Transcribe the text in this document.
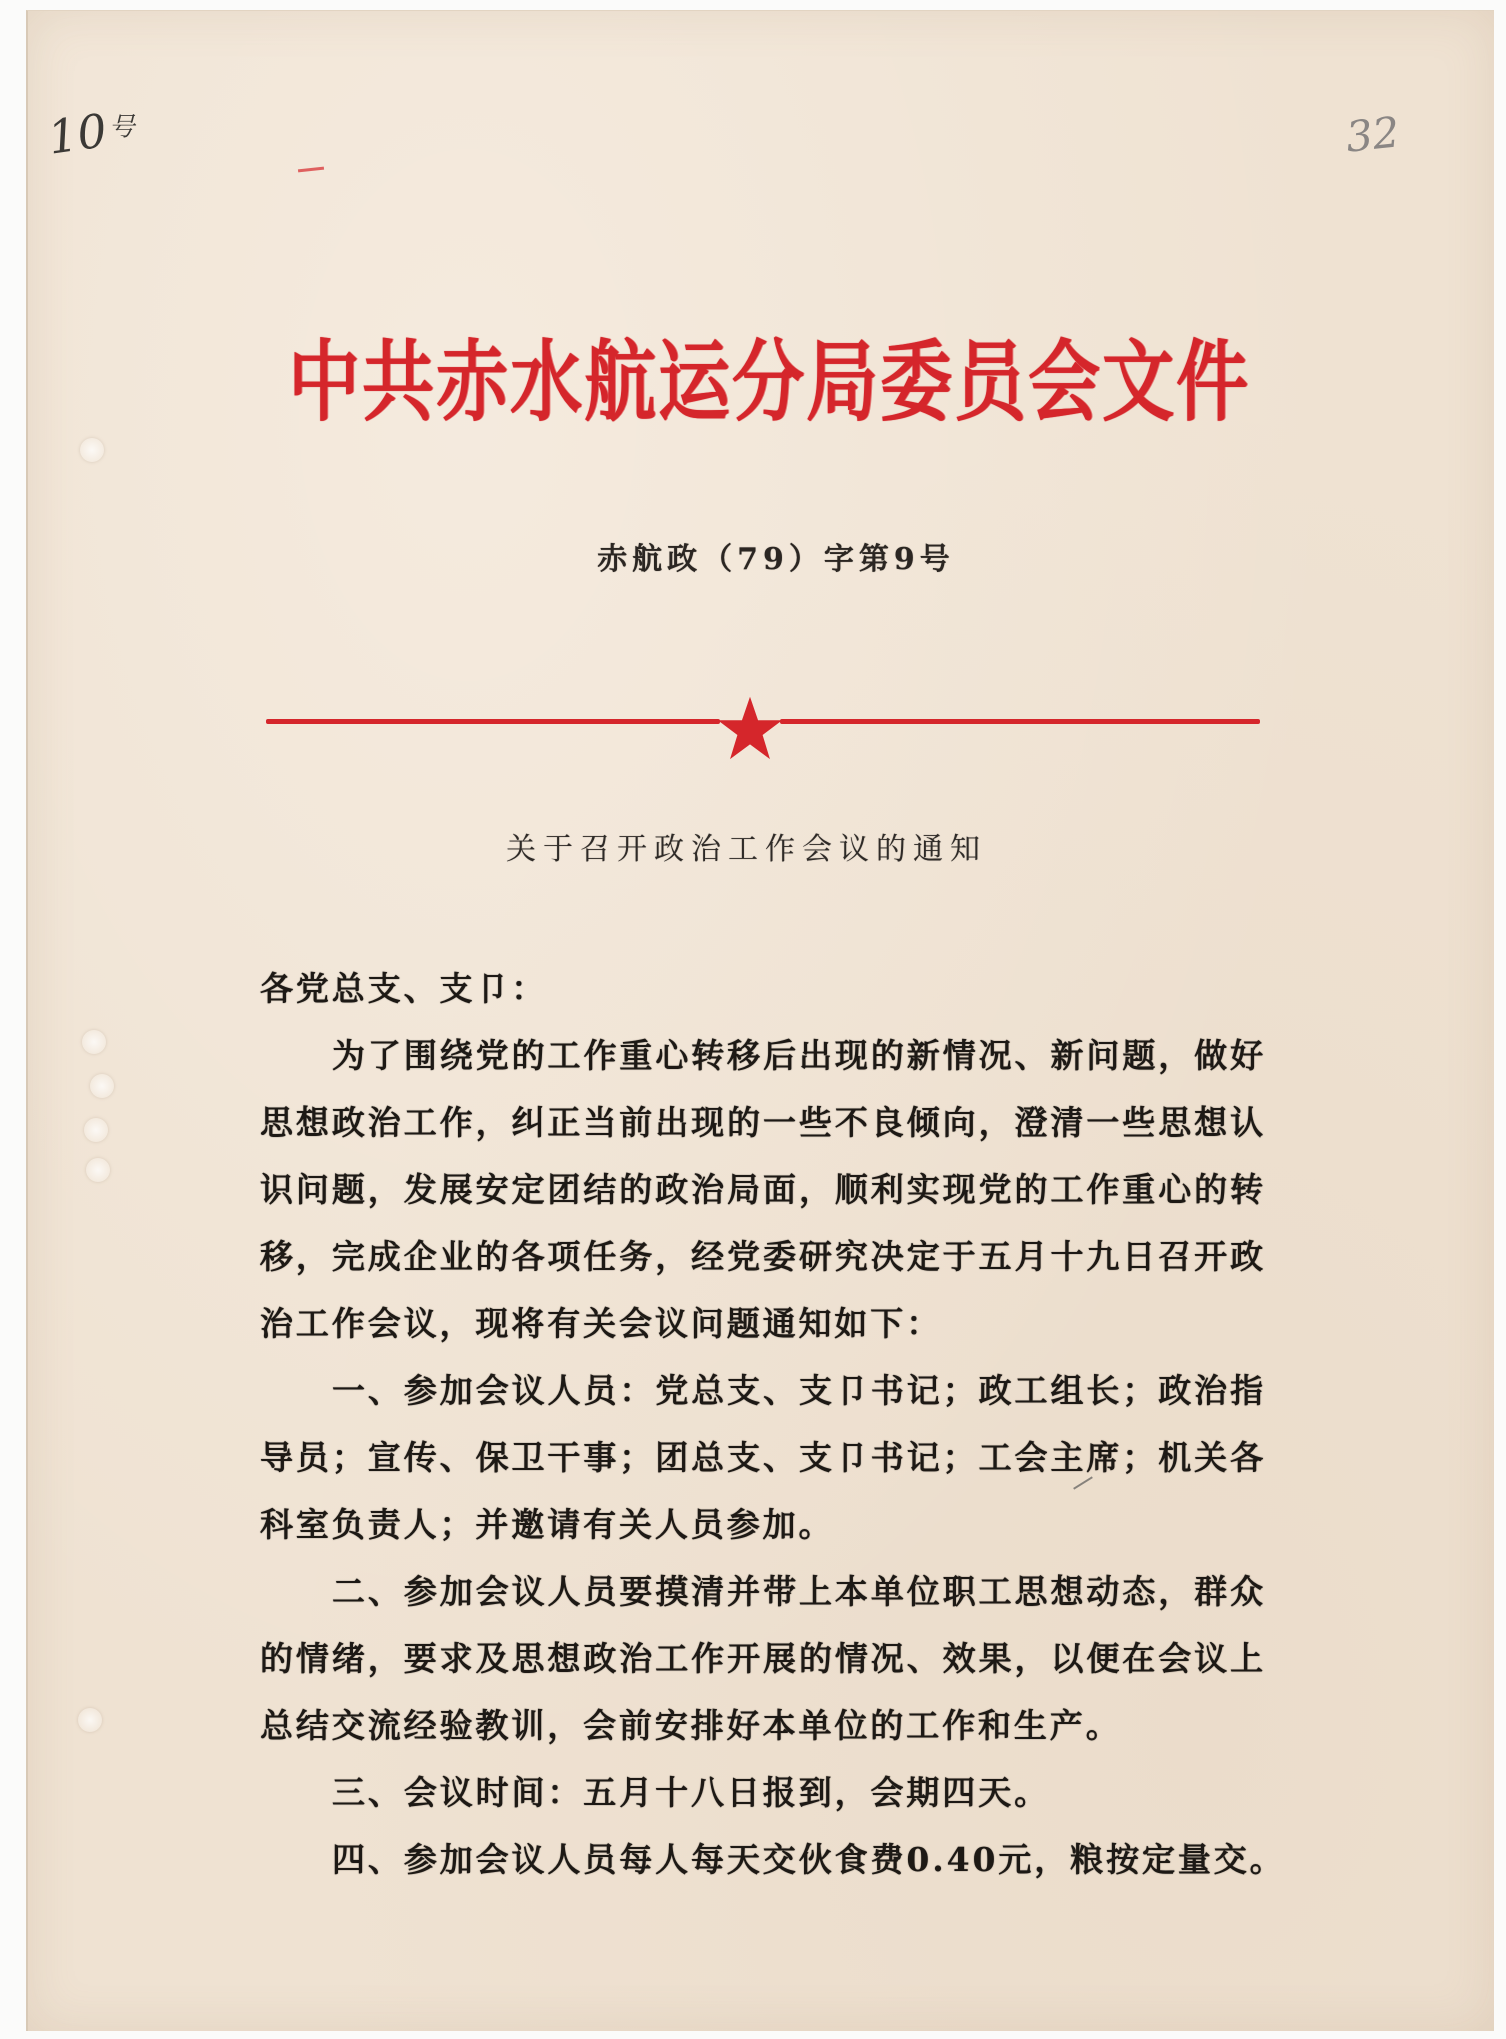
10号	32
中共赤水航运分局委员会文件
赤航政（79）字第9号
关于召开政治工作会议的通知
各党总支、支卩：
为了围绕党的工作重心转移后出现的新情况、新问题，做好
思想政治工作，纠正当前出现的一些不良倾向，澄清一些思想认
识问题，发展安定团结的政治局面，顺利实现党的工作重心的转
移，完成企业的各项任务，经党委研究决定于五月十九日召开政
治工作会议，现将有关会议问题通知如下：
一、参加会议人员：党总支、支卩书记；政工组长；政治指
导员；宣传、保卫干事；团总支、支卩书记；工会主席；机关各
科室负责人；并邀请有关人员参加。
二、参加会议人员要摸清并带上本单位职工思想动态，群众
的情绪，要求及思想政治工作开展的情况、效果，以便在会议上
总结交流经验教训，会前安排好本单位的工作和生产。
三、会议时间：五月十八日报到，会期四天。
四、参加会议人员每人每天交伙食费0.40元，粮按定量交。
